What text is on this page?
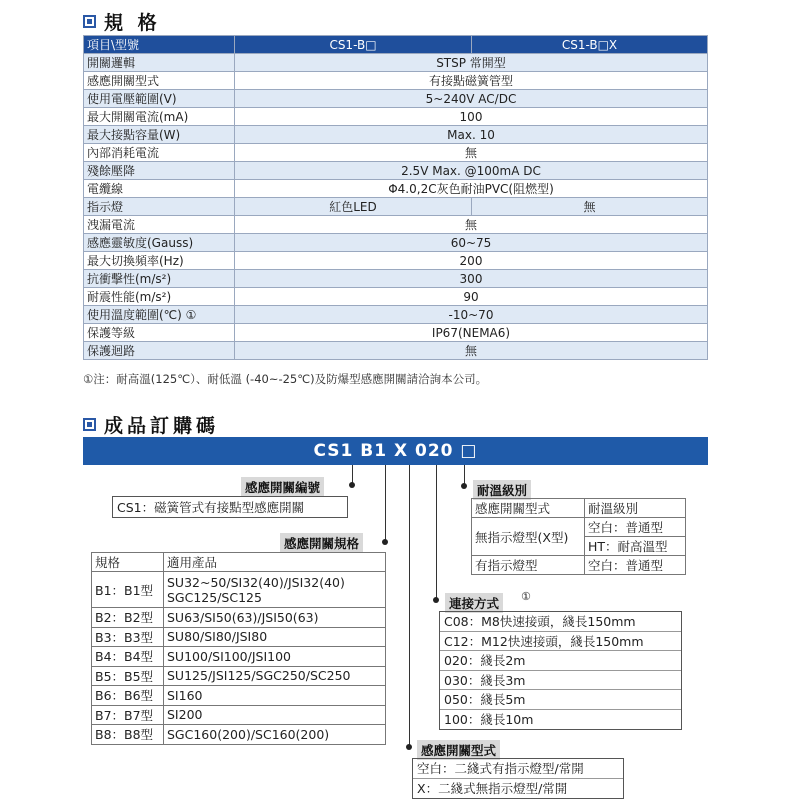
規 格
項目\型號	CS1-B□	CS1-B□X
開關邏輯	STSP 常開型	
感應開關型式	有接點磁簧管型	
使用電壓範圍(V)	5~240V AC/DC	
最大開關電流(mA)	100	
最大接點容量(W)	Max. 10	
內部消耗電流	無	
殘餘壓降	2.5V Max. @100mA DC	
電纜線	Φ4.0,2C灰色耐油PVC(阻燃型)	
指示燈	紅色LED	無
洩漏電流	無	
感應靈敏度(Gauss)	60~75	
最大切換頻率(Hz)	200	
抗衝擊性(m/s²)	300	
耐震性能(m/s²)	90	
使用溫度範圍(℃) ①	-10~70	
保護等級	IP67(NEMA6)	
保護迴路	無	
①注：耐高溫(125℃）、耐低溫 (-40~-25℃)及防爆型感應開關請洽詢本公司。
成品訂購碼
CS1 B1 X 020 □
感應開關編號
CS1：磁簧管式有接點型感應開關
感應開關規格
規格	適用產品
B1：B1型	SU32~50/SI32(40)/JSI32(40)
SGC125/SC125

B2：B2型	SU63/SI50(63)/JSI50(63)
B3：B3型	SU80/SI80/JSI80
B4：B4型	SU100/SI100/JSI100
B5：B5型	SU125/JSI125/SGC250/SC250
B6：B6型	SI160
B7：B7型	SI200
B8：B8型	SGC160(200)/SC160(200)
耐溫級別
感應開關型式	耐溫級別
無指示燈型(X型)	空白：普通型
	HT：耐高溫型
有指示燈型	空白：普通型
連接方式	①
C08：M8快速接頭，綫長150mm
C12：M12快速接頭，綫長150mm
020：綫長2m
030：綫長3m
050：綫長5m
100：綫長10m
感應開關型式
空白：二綫式有指示燈型/常開
X：二綫式無指示燈型/常開
